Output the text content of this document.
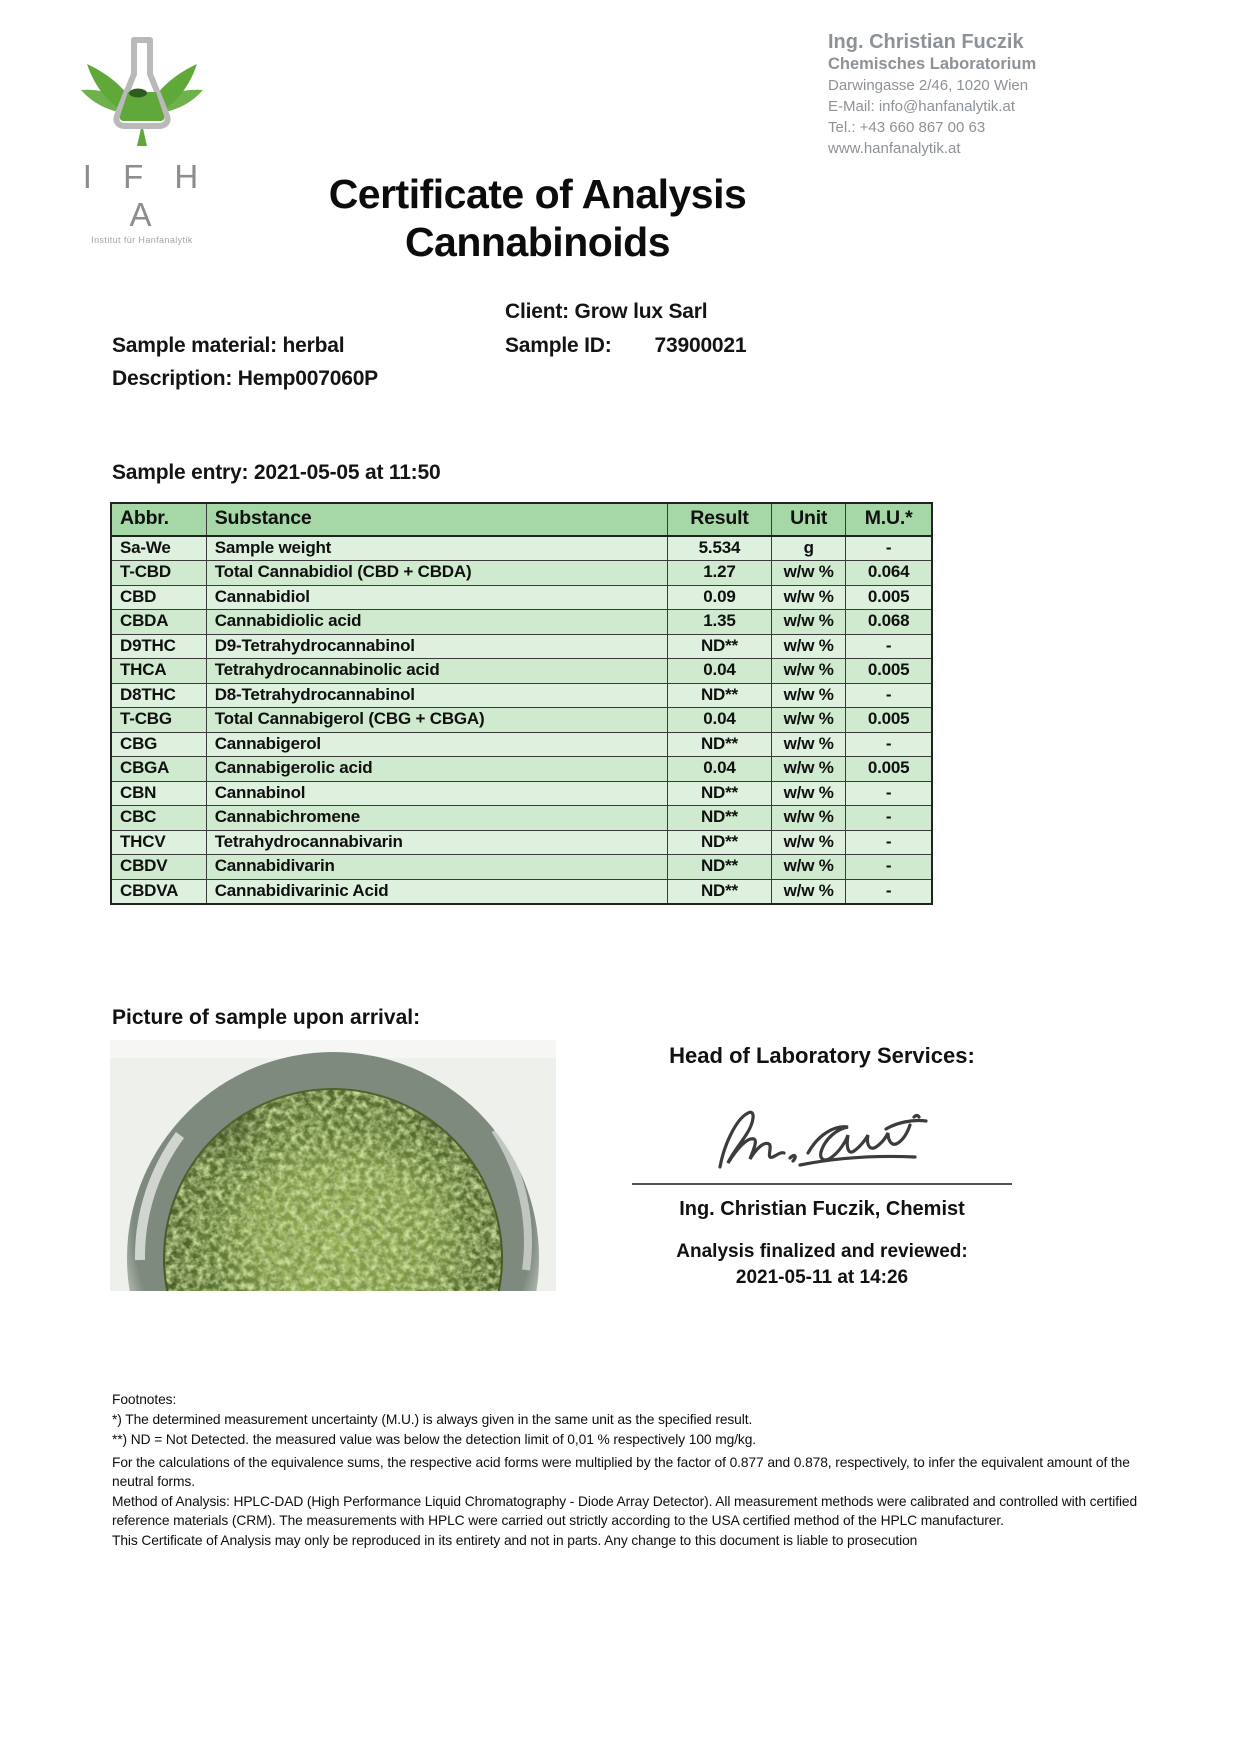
I F H A
Institut für Hanfanalytik
Ing. Christian Fuczik
Chemisches Laboratorium
Darwingasse 2/46, 1020 Wien
E-Mail: info@hanfanalytik.at
Tel.: +43 660 867 00 63
www.hanfanalytik.at
Certificate of Analysis
Cannabinoids
Client: Grow lux Sarl
Sample material: herbal	Sample ID: 73900021
Description: Hemp007060P
Sample entry: 2021-05-05 at 11:50
Abbr.	Substance	Result	Unit	M.U.*
Sa-We	Sample weight	5.534	g	-
T-CBD	Total Cannabidiol (CBD + CBDA)	1.27	w/w %	0.064
CBD	Cannabidiol	0.09	w/w %	0.005
CBDA	Cannabidiolic acid	1.35	w/w %	0.068
D9THC	D9-Tetrahydrocannabinol	ND**	w/w %	-
THCA	Tetrahydrocannabinolic acid	0.04	w/w %	0.005
D8THC	D8-Tetrahydrocannabinol	ND**	w/w %	-
T-CBG	Total Cannabigerol (CBG + CBGA)	0.04	w/w %	0.005
CBG	Cannabigerol	ND**	w/w %	-
CBGA	Cannabigerolic acid	0.04	w/w %	0.005
CBN	Cannabinol	ND**	w/w %	-
CBC	Cannabichromene	ND**	w/w %	-
THCV	Tetrahydrocannabivarin	ND**	w/w %	-
CBDV	Cannabidivarin	ND**	w/w %	-
CBDVA	Cannabidivarinic Acid	ND**	w/w %	-
Picture of sample upon arrival:
Head of Laboratory Services:
Ing. Christian Fuczik, Chemist
Analysis finalized and reviewed:
2021-05-11 at 14:26

Footnotes:

*) The determined measurement uncertainty (M.U.) is always given in the same unit as the specified result.

**) ND = Not Detected. the measured value was below the detection limit of 0,01 % respectively 100 mg/kg.

For the calculations of the equivalence sums, the respective acid forms were multiplied by the factor of 0.877 and 0.878, respectively, to infer the equivalent amount of the neutral forms.

Method of Analysis: HPLC-DAD (High Performance Liquid Chromatography - Diode Array Detector). All measurement methods were calibrated and controlled with certified reference materials (CRM). The measurements with HPLC were carried out strictly according to the USA certified method of the HPLC manufacturer.

This Certificate of Analysis may only be reproduced in its entirety and not in parts. Any change to this document is liable to prosecution
